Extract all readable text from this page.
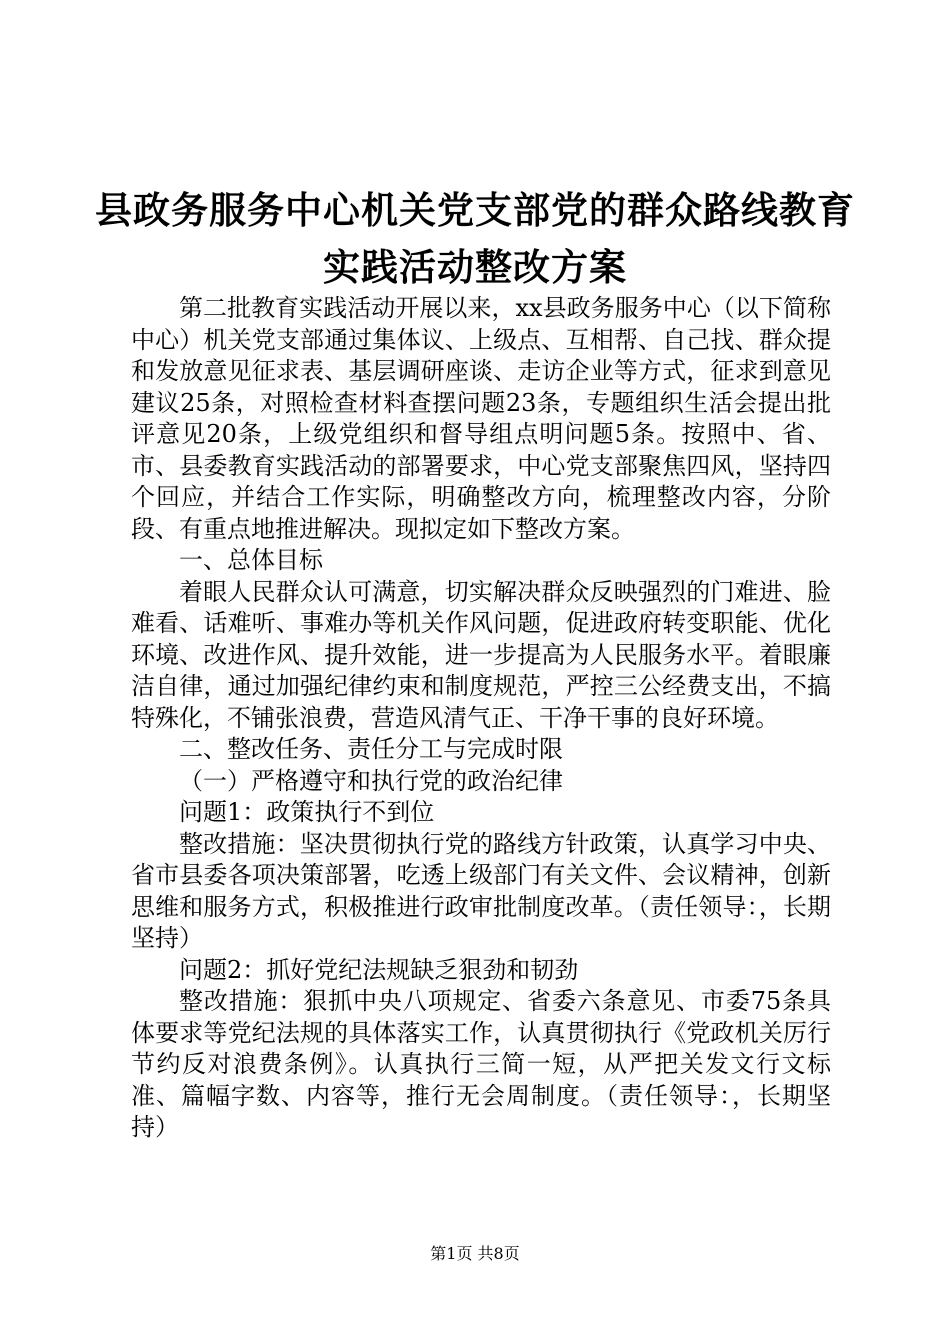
县政务服务中心机关党支部党的群众路线教育
实践活动整改方案

第二批教育实践活动开展以来，xx县政务服务中心（以下简称中心）机关党支部通过集体议、上级点、互相帮、自己找、群众提和发放意见征求表、基层调研座谈、走访企业等方式，征求到意见建议25条，对照检查材料查摆问题23条，专题组织生活会提出批评意见20条，上级党组织和督导组点明问题5条。按照中、省、市、县委教育实践活动的部署要求，中心党支部聚焦四风，坚持四个回应，并结合工作实际，明确整改方向，梳理整改内容，分阶段、有重点地推进解决。现拟定如下整改方案。

一、总体目标

着眼人民群众认可满意，切实解决群众反映强烈的门难进、脸难看、话难听、事难办等机关作风问题，促进政府转变职能、优化环境、改进作风、提升效能，进一步提高为人民服务水平。着眼廉洁自律，通过加强纪律约束和制度规范，严控三公经费支出，不搞特殊化，不铺张浪费，营造风清气正、干净干事的良好环境。

二、整改任务、责任分工与完成时限

（一）严格遵守和执行党的政治纪律

问题1：政策执行不到位

整改措施：坚决贯彻执行党的路线方针政策，认真学习中央、省市县委各项决策部署，吃透上级部门有关文件、会议精神，创新思维和服务方式，积极推进行政审批制度改革。（责任领导：，长期坚持）

问题2：抓好党纪法规缺乏狠劲和韧劲

整改措施：狠抓中央八项规定、省委六条意见、市委75条具体要求等党纪法规的具体落实工作，认真贯彻执行《党政机关厉行节约反对浪费条例》。认真执行三简一短，从严把关发文行文标准、篇幅字数、内容等，推行无会周制度。（责任领导：，长期坚持）

第1页 共8页
